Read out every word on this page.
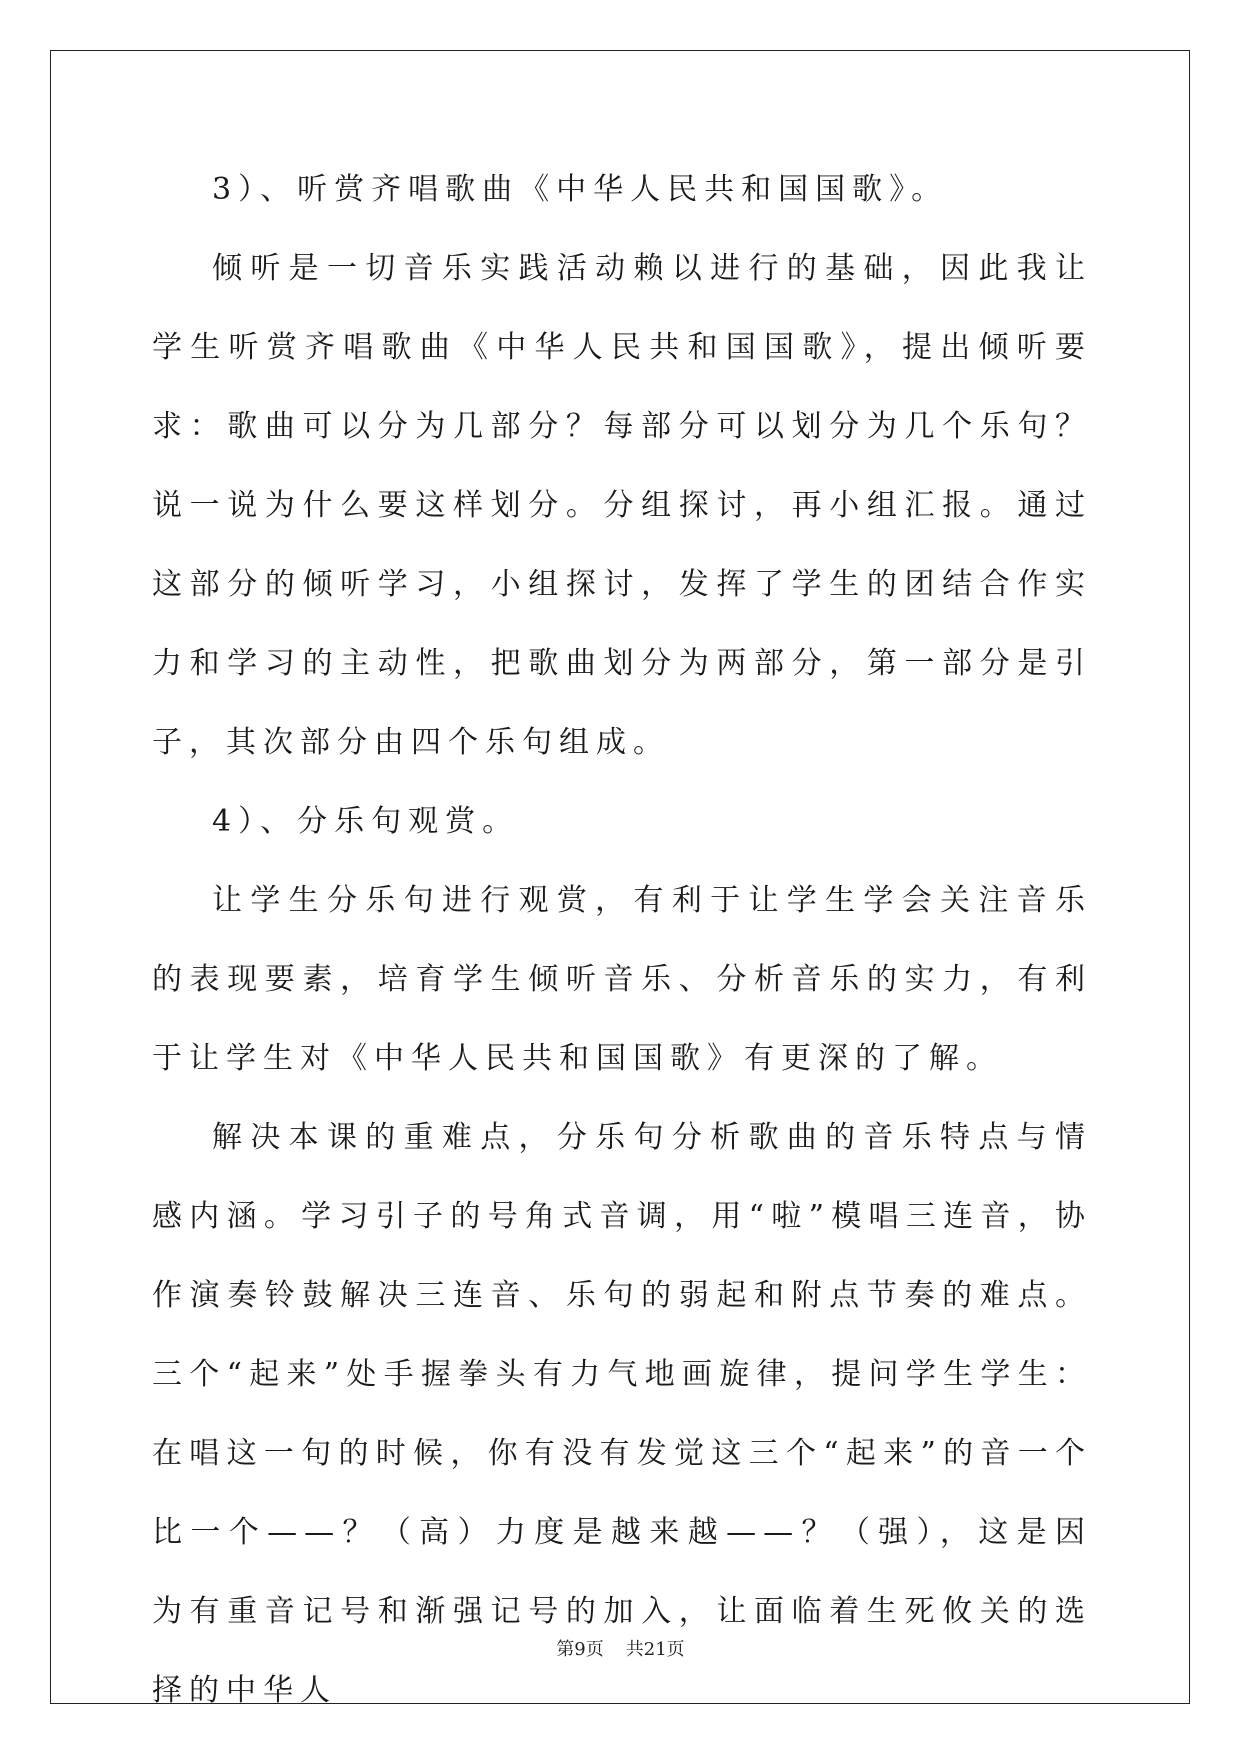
3）、听赏齐唱歌曲《中华人民共和国国歌》。

倾听是一切音乐实践活动赖以进行的基础，因此我让学生听赏齐唱歌曲《中华人民共和国国歌》，提出倾听要求：歌曲可以分为几部分？每部分可以划分为几个乐句？说一说为什么要这样划分。分组探讨，再小组汇报。通过这部分的倾听学习，小组探讨，发挥了学生的团结合作实力和学习的主动性，把歌曲划分为两部分，第一部分是引子，其次部分由四个乐句组成。

4）、分乐句观赏。

让学生分乐句进行观赏，有利于让学生学会关注音乐的表现要素，培育学生倾听音乐、分析音乐的实力，有利于让学生对《中华人民共和国国歌》有更深的了解。

解决本课的重难点，分乐句分析歌曲的音乐特点与情感内涵。学习引子的号角式音调，用“啦”模唱三连音，协作演奏铃鼓解决三连音、乐句的弱起和附点节奏的难点。三个“起来”处手握拳头有力气地画旋律，提问学生学生：在唱这一句的时候，你有没有发觉这三个“起来”的音一个比一个——？（高）力度是越来越——？（强），这是因为有重音记号和渐强记号的加入，让面临着生死攸关的选择的中华人

第9页 共21页
